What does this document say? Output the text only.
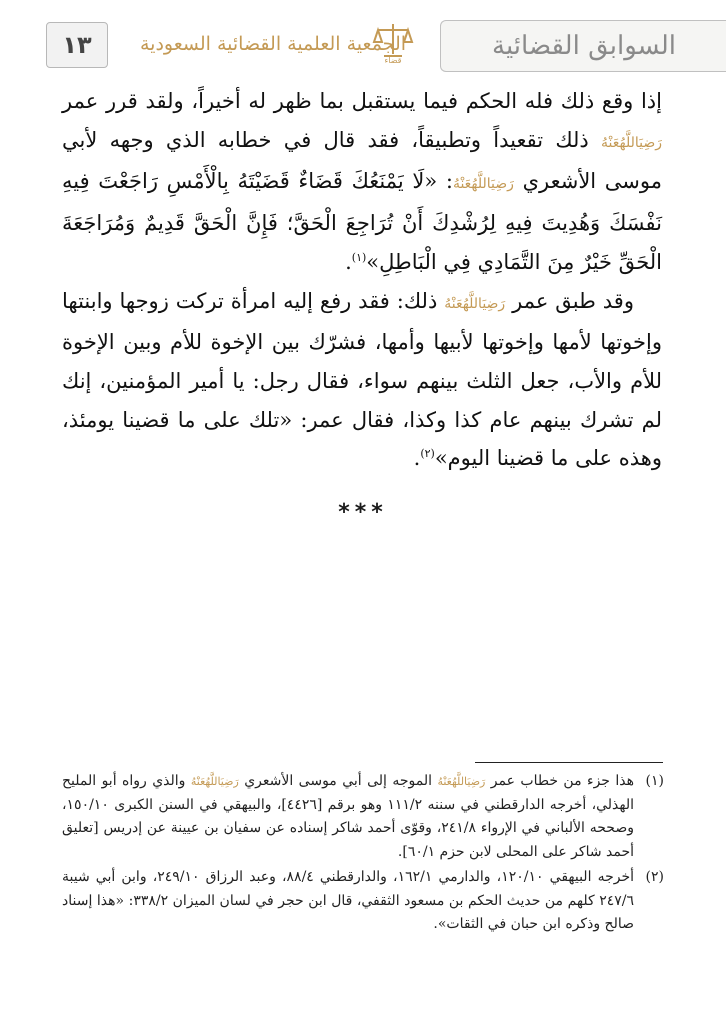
١٣	الجمعية العلمية القضائية السعودية
قضاء	السوابق القضائية

إذا وقع ذلك فله الحكم فيما يستقبل بما ظهر له أخيراً، ولقد قرر عمر رَضِيَاللَّهُعَنْهُ ذلك تقعيداً وتطبيقاً، فقد قال في خطابه الذي وجهه لأبي موسى الأشعري رَضِيَاللَّهُعَنْهُ: «لَا يَمْنَعُكَ قَضَاءٌ قَضَيْتَهُ بِالْأَمْسِ رَاجَعْتَ فِيهِ نَفْسَكَ وَهُدِيتَ فِيهِ لِرُشْدِكَ أَنْ تُرَاجِعَ الْحَقَّ؛ فَإِنَّ الْحَقَّ قَدِيمٌ وَمُرَاجَعَةَ الْحَقِّ خَيْرٌ مِنَ التَّمَادِي فِي الْبَاطِلِ»$^{(١)}$.

وقد طبق عمر رَضِيَاللَّهُعَنْهُ ذلك: فقد رفع إليه امرأة تركت زوجها وابنتها وإخوتها لأمها وإخوتها لأبيها وأمها، فشرّك بين الإخوة للأم وبين الإخوة للأم والأب، جعل الثلث بينهم سواء، فقال رجل: يا أمير المؤمنين، إنك لم تشرك بينهم عام كذا وكذا، فقال عمر: «تلك على ما قضينا يومئذ، وهذه على ما قضينا اليوم»$^{(٢)}$.

***
(١)
هذا جزء من خطاب عمر رَضِيَاللَّهُعَنْهُ الموجه إلى أبي موسى الأشعري رَضِيَاللَّهُعَنْهُ والذي رواه أبو المليح الهذلي، أخرجه الدارقطني في سننه ١١١/٢ وهو برقم [٤٤٢٦]، والبيهقي في السنن الكبرى ١٥٠/١٠، وصححه الألباني في الإرواء ٢٤١/٨، وقوّى أحمد شاكر إسناده عن سفيان بن عيينة عن إدريس [تعليق أحمد شاكر على المحلى لابن حزم ٦٠/١].
(٢)
أخرجه البيهقي ١٢٠/١٠، والدارمي ١٦٢/١، والدارقطني ٨٨/٤، وعبد الرزاق ٢٤٩/١٠، وابن أبي شيبة ٢٤٧/٦ كلهم من حديث الحكم بن مسعود الثقفي، قال ابن حجر في لسان الميزان ٣٣٨/٢: «هذا إسناد صالح وذكره ابن حبان في الثقات».
